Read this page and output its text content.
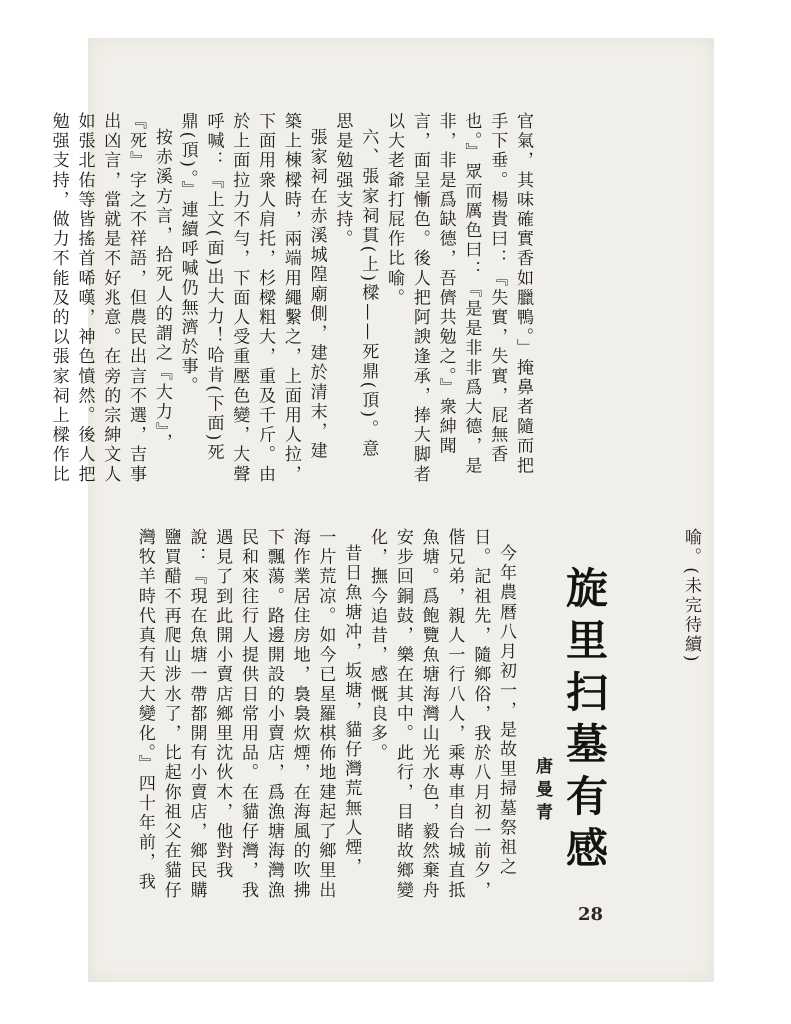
官氣，其味確實香如臘鴨。」掩鼻者隨而把
手下垂。楊貴曰：『失實，失實，屁無香
也。』眾而厲色曰：『是是非非爲大德，是
非，非是爲缺德，吾儕共勉之。』衆紳聞
言，面呈慚色。後人把阿諛逢承，捧大脚者
以大老爺打屁作比喻。
六、張家祠貫(上)樑——死鼎(頂)。意
思是勉强支持。
張家祠在赤溪城隍廟側，建於清末，建
築上棟樑時，兩端用繩繫之，上面用人拉，
下面用衆人肩托，杉樑粗大，重及千斤。由
於上面拉力不勻，下面人受重壓色變，大聲
呼喊：『上文(面)出大力！哈肯(下面)死
鼎(頂)。』連續呼喊仍無濟於事。
按赤溪方言，拾死人的謂之『大力』，
『死』字之不祥語，但農民出言不選，吉事
出凶言，當就是不好兆意。在旁的宗紳文人
如張北佑等皆搖首唏嘆，神色憤然。後人把
勉强支持，做力不能及的以張家祠上樑作比
喻。(未完待續)
旋里扫墓有感
唐曼青
今年農曆八月初一，是故里掃墓祭祖之
日。記祖先，隨鄉俗，我於八月初一前夕，
偕兄弟，親人一行八人，乘專車自台城直抵
魚塘。爲飽覽魚塘海灣山光水色，毅然棄舟
安步回銅鼓，樂在其中。此行，目睹故鄉變
化，撫今追昔，感慨良多。
昔日魚塘冲，坂塘，貓仔灣荒無人煙，
一片荒凉。如今已星羅棋佈地建起了鄉里出
海作業居住房地，裊裊炊煙，在海風的吹拂
下飄蕩。路邊開設的小賣店，爲漁塘海灣漁
民和來往行人提供日常用品。在貓仔灣，我
遇見了到此開小賣店鄉里沈伙木，他對我
說：『現在魚塘一帶都開有小賣店，鄉民購
鹽買醋不再爬山涉水了，比起你祖父在貓仔
灣牧羊時代真有天大變化。』四十年前，我
28
